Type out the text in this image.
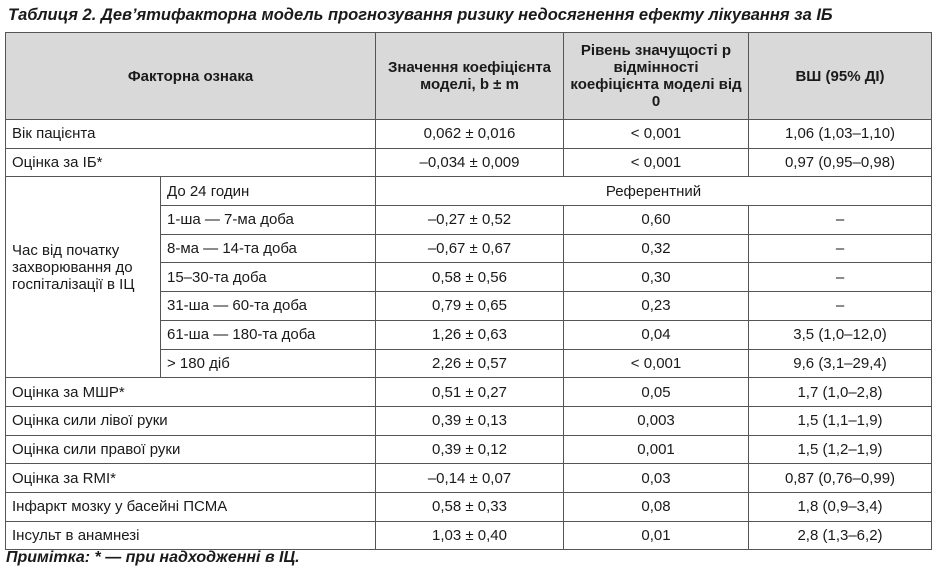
Таблиця 2. Дев’ятифакторна модель прогнозування ризику недосягнення ефекту лікування за ІБ
Факторна ознака		Значення коефіцієнта моделі, b ± m	Рівень значущості p відмінності коефіцієнта моделі від 0	ВШ (95% ДІ)
Вік пацієнта		0,062 ± 0,016	< 0,001	1,06 (1,03–1,10)
Оцінка за ІБ*		–0,034 ± 0,009	< 0,001	0,97 (0,95–0,98)
Час від початку захворювання до госпіталізації в ІЦ	До 24 годин	Референтний		
	1-ша — 7-ма доба	–0,27 ± 0,52	0,60	–
	8-ма — 14-та доба	–0,67 ± 0,67	0,32	–
	15–30-та доба	0,58 ± 0,56	0,30	–
	31-ша — 60-та доба	0,79 ± 0,65	0,23	–
	61-ша — 180-та доба	1,26 ± 0,63	0,04	3,5 (1,0–12,0)
	> 180 діб	2,26 ± 0,57	< 0,001	9,6 (3,1–29,4)
Оцінка за МШР*		0,51 ± 0,27	0,05	1,7 (1,0–2,8)
Оцінка сили лівої руки		0,39 ± 0,13	0,003	1,5 (1,1–1,9)
Оцінка сили правої руки		0,39 ± 0,12	0,001	1,5 (1,2–1,9)
Оцінка за RMI*		–0,14 ± 0,07	0,03	0,87 (0,76–0,99)
Інфаркт мозку у басейні ПСМА		0,58 ± 0,33	0,08	1,8 (0,9–3,4)
Інсульт в анамнезі		1,03 ± 0,40	0,01	2,8 (1,3–6,2)
Примітка: * — при надходженні в ІЦ.
